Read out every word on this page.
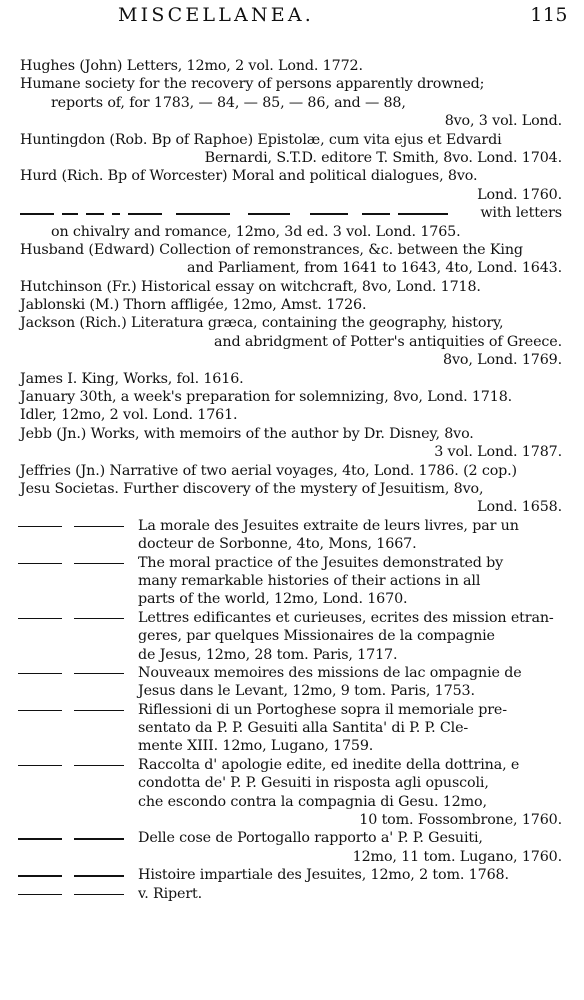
MISCELLANEA.	115
Hughes (John) Letters, 12mo, 2 vol. Lond. 1772.
Humane society for the recovery of persons apparently drowned;
reports of, for 1783, — 84, — 85, — 86, and — 88,
8vo, 3 vol. Lond.
Huntingdon (Rob. Bp of Raphoe) Epistolæ, cum vita ejus et Edvardi
Bernardi, S.T.D. editore T. Smith, 8vo. Lond. 1704.
Hurd (Rich. Bp of Worcester) Moral and political dialogues, 8vo.
Lond. 1760.
with letters
on chivalry and romance, 12mo, 3d ed. 3 vol. Lond. 1765.
Husband (Edward) Collection of remonstrances, &c. between the King
and Parliament, from 1641 to 1643, 4to, Lond. 1643.
Hutchinson (Fr.) Historical essay on witchcraft, 8vo, Lond. 1718.
Jablonski (M.) Thorn affligée, 12mo, Amst. 1726.
Jackson (Rich.) Literatura græca, containing the geography, history,
and abridgment of Potter's antiquities of Greece.
8vo, Lond. 1769.
James I. King, Works, fol. 1616.
January 30th, a week's preparation for solemnizing, 8vo, Lond. 1718.
Idler, 12mo, 2 vol. Lond. 1761.
Jebb (Jn.) Works, with memoirs of the author by Dr. Disney, 8vo.
3 vol. Lond. 1787.
Jeffries (Jn.) Narrative of two aerial voyages, 4to, Lond. 1786. (2 cop.)
Jesu Societas. Further discovery of the mystery of Jesuitism, 8vo,
Lond. 1658.
La morale des Jesuites extraite de leurs livres, par un
docteur de Sorbonne, 4to, Mons, 1667.
The moral practice of the Jesuites demonstrated by
many remarkable histories of their actions in all
parts of the world, 12mo, Lond. 1670.
Lettres edificantes et curieuses, ecrites des mission etran-
geres, par quelques Missionaires de la compagnie
de Jesus, 12mo, 28 tom. Paris, 1717.
Nouveaux memoires des missions de lac ompagnie de
Jesus dans le Levant, 12mo, 9 tom. Paris, 1753.
Riflessioni di un Portoghese sopra il memoriale pre-
sentato da P. P. Gesuiti alla Santita' di P. P. Cle-
mente XIII. 12mo, Lugano, 1759.
Raccolta d' apologie edite, ed inedite della dottrina, e
condotta de' P. P. Gesuiti in risposta agli opuscoli,
che escondo contra la compagnia di Gesu. 12mo,
10 tom. Fossombrone, 1760.
Delle cose de Portogallo rapporto a' P. P. Gesuiti,
12mo, 11 tom. Lugano, 1760.
Histoire impartiale des Jesuites, 12mo, 2 tom. 1768.
v. Ripert.
